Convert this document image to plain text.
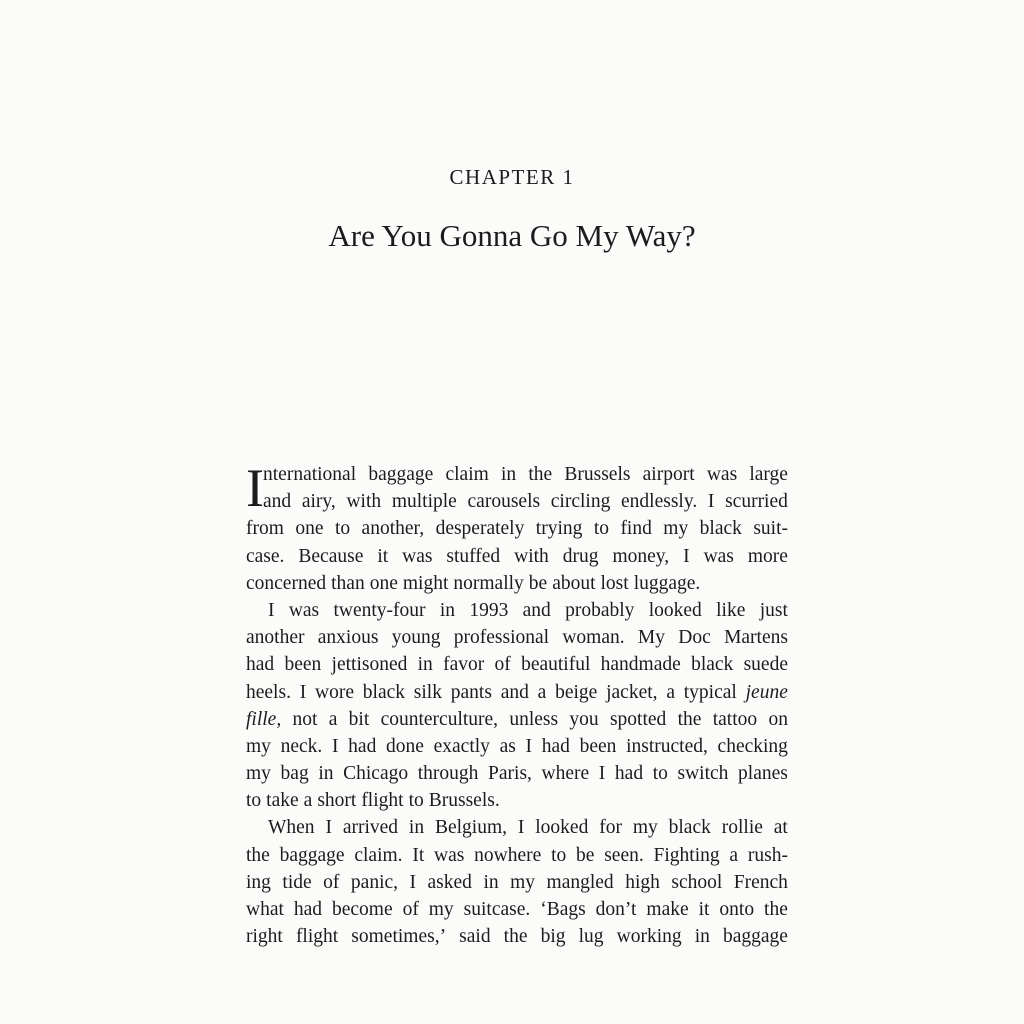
CHAPTER 1
Are You Gonna Go My Way?
I nternational baggage claim in the Brussels airport was large
and airy, with multiple carousels circling endlessly. I scurried
from one to another, desperately trying to find my black suit-
case. Because it was stuffed with drug money, I was more
concerned than one might normally be about lost luggage.
I was twenty-four in 1993 and probably looked like just
another anxious young professional woman. My Doc Martens
had been jettisoned in favor of beautiful handmade black suede
heels. I wore black silk pants and a beige jacket, a typical jeune
fille, not a bit counterculture, unless you spotted the tattoo on
my neck. I had done exactly as I had been instructed, checking
my bag in Chicago through Paris, where I had to switch planes
to take a short flight to Brussels.
When I arrived in Belgium, I looked for my black rollie at
the baggage claim. It was nowhere to be seen. Fighting a rush-
ing tide of panic, I asked in my mangled high school French
what had become of my suitcase. ‘Bags don’t make it onto the
right flight sometimes,’ said the big lug working in baggage
